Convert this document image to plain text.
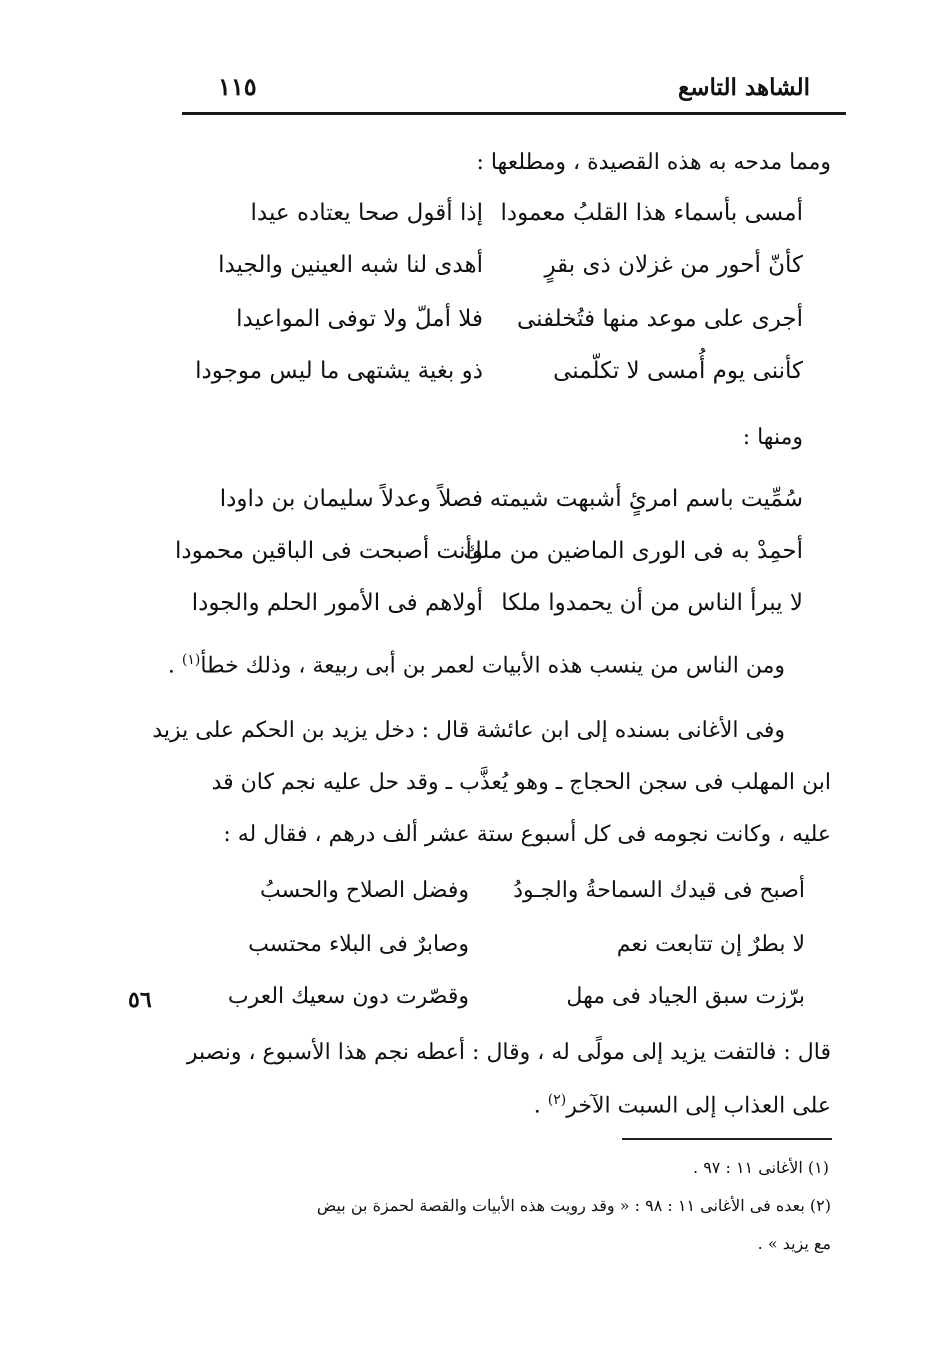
الشاهد التاسع
١١٥
ومما مدحه به هذه القصيدة ، ومطلعها :
أمسى بأسماء هذا القلبُ معمودا
إذا أقول صحا يعتاده عيدا
كأنّ أحور من غزلان ذى بقرٍ
أهدى لنا شبه العينين والجيدا
أجرى على موعد منها فتُخلفنى
فلا أملّ ولا توفى المواعيدا
كأننى يوم أُمسى لا تكلّمنى
ذو بغية يشتهى ما ليس موجودا
ومنها :
سُمِّيت باسم امرئٍ أشبهت شيمته
فصلاً وعدلاً سليمان بن داودا
أحمِدْ به فى الورى الماضين من ملك
وأنت أصبحت فى الباقين محمودا
لا يبرأ الناس من أن يحمدوا ملكا
أولاهم فى الأمور الحلم والجودا
ومن الناس من ينسب هذه الأبيات لعمر بن أبى ربيعة ، وذلك خطأ$^{(١)}$ .
وفى الأغانى بسنده إلى ابن عائشة قال : دخل يزيد بن الحكم على يزيد
ابن المهلب فى سجن الحجاج ـ وهو يُعذَّب ـ وقد حل عليه نجم كان قد
عليه ، وكانت نجومه فى كل أسبوع ستة عشر ألف درهم ، فقال له :
أصبح فى قيدك السماحةُ والجـودُ
وفضل الصلاح والحسبُ
لا بطرٌ إن تتابعت نعم
وصابرٌ فى البلاء محتسب
برّزت سبق الجياد فى مهل
وقصّرت دون سعيك العرب
٥٦
قال : فالتفت يزيد إلى مولًى له ، وقال : أعطه نجم هذا الأسبوع ، ونصبر
على العذاب إلى السبت الآخر$^{(٢)}$ .
(١) الأغانى ١١ : ٩٧ .
(٢) بعده فى الأغانى ١١ : ٩٨ : « وقد رويت هذه الأبيات والقصة لحمزة بن بيض
مع يزيد » .
